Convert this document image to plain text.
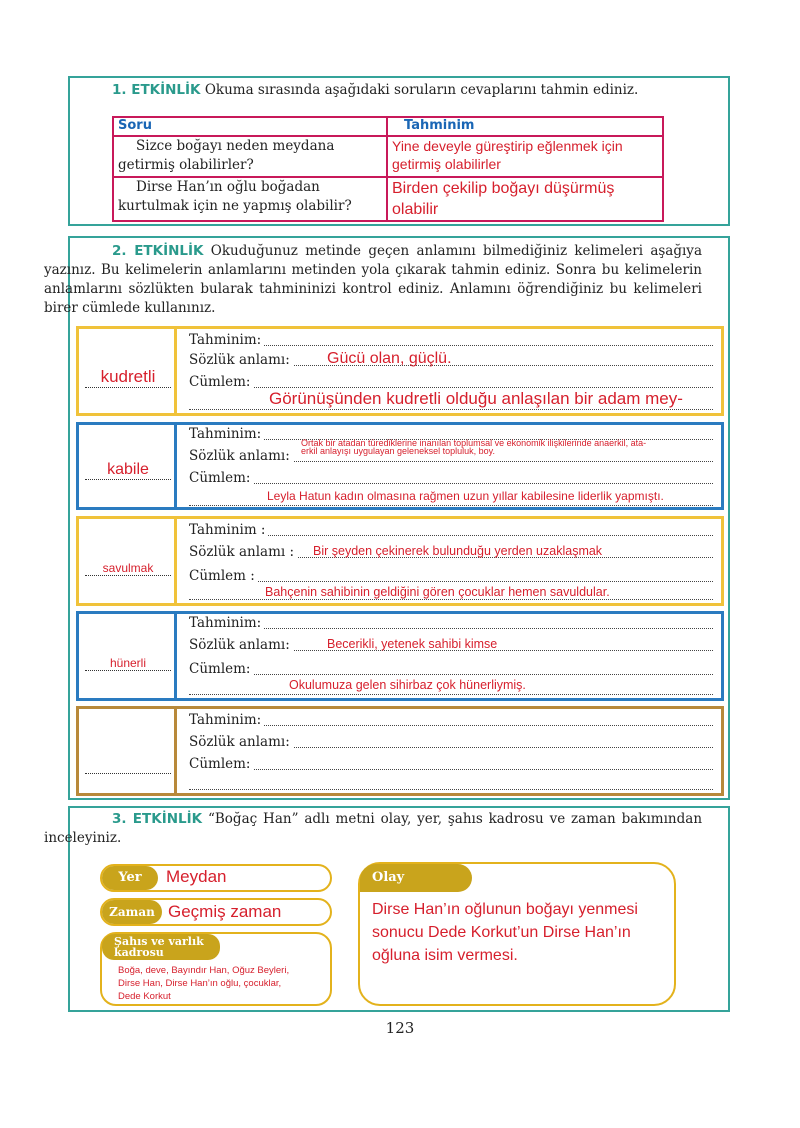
1. ETKİNLİK Okuma sırasında aşağıdaki soruların cevaplarını tahmin ediniz.
Soru	Tahminim
Sizce boğayı neden meydana getirmiş olabilirler?	Yine deveyle güreştirip eğlenmek için getirmiş olabilirler
Dirse Han’ın oğlu boğadan kurtulmak için ne yapmış olabilir?	Birden çekilip boğayı düşürmüş olabilir
2. ETKİNLİK Okuduğunuz metinde geçen anlamını bilmediğiniz kelimeleri aşağıya yazınız. Bu kelimelerin anlamlarını metinden yola çıkarak tahmin ediniz. Sonra bu kelimelerin anlamlarını sözlükten bularak tahmininizi kontrol ediniz. Anlamını öğrendiğiniz bu kelimeleri birer cümlede kullanınız.
kudretli
Tahminim:
Sözlük anlamı: Gücü olan, güçlü.
Cümlem:
Görünüşünden kudretli olduğu anlaşılan bir adam mey-
kabile
Tahminim:
Ortak bir atadan türediklerine inanılan toplumsal ve ekonomik ilişkilerinde anaerkil, ata-
Sözlük anlamı: erkil anlayışı uygulayan geleneksel topluluk, boy.
Cümlem:
Leyla Hatun kadın olmasına rağmen uzun yıllar kabilesine liderlik yapmıştı.
savulmak
Tahminim :
Sözlük anlamı : Bir şeyden çekinerek bulunduğu yerden uzaklaşmak
Cümlem :
Bahçenin sahibinin geldiğini gören çocuklar hemen savuldular.
hünerli
Tahminim:
Sözlük anlamı:	Becerikli, yetenek sahibi kimse
Cümlem:
Okulumuza gelen sihirbaz çok hünerliymiş.
Tahminim:
Sözlük anlamı:
Cümlem:
3. ETKİNLİK “Boğaç Han” adlı metni olay, yer, şahıs kadrosu ve zaman bakımından inceleyiniz.
Yer	Meydan
Zaman Geçmiş zaman
Şahıs ve varlık
kadrosu
Boğa, deve, Bayındır Han, Oğuz Beyleri,
Dirse Han, Dirse Han’ın oğlu, çocuklar,
Dede Korkut
Olay
Dirse Han’ın oğlunun boğayı yenmesi
sonucu Dede Korkut’un Dirse Han’ın
oğluna isim vermesi.
123
